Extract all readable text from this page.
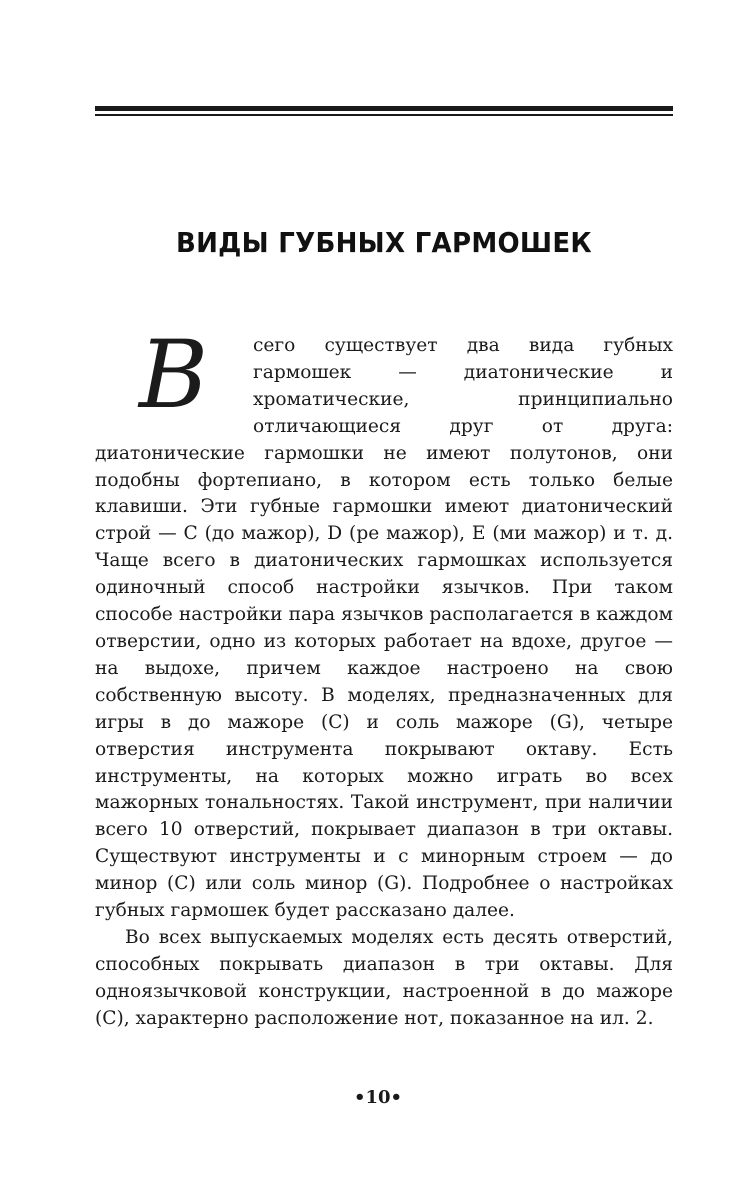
ВИДЫ ГУБНЫХ ГАРМОШЕК

В	сего существует два вида губных гармошек — диатонические и хроматические, принципиально отличающиеся друг от друга: диатонические гармошки не имеют полутонов, они подобны фортепиано, в котором есть только белые клавиши. Эти губные гармошки имеют диатонический строй — С (до мажор), D (ре мажор), Е (ми мажор) и т. д. Чаще всего в диатонических гармошках используется одиночный способ настройки язычков. При таком способе настройки пара язычков располагается в каждом отверстии, одно из которых работает на вдохе, другое — на выдохе, причем каждое настроено на свою собственную высоту. В моделях, предназначенных для игры в до мажоре (С) и соль мажоре (G), четыре отверстия инструмента покрывают октаву. Есть инструменты, на которых можно играть во всех мажорных тональностях. Такой инструмент, при наличии всего 10 отверстий, покрывает диапазон в три октавы. Существуют инструменты и с минорным строем — до минор (С) или соль минор (G). Подробнее о настройках губных гармошек будет рассказано далее.

Во всех выпускаемых моделях есть десять отверстий, способных покрывать диапазон в три октавы. Для одноязычковой конструкции, настроенной в до мажоре (С), характерно расположение нот, показанное на ил. 2.

•10•
